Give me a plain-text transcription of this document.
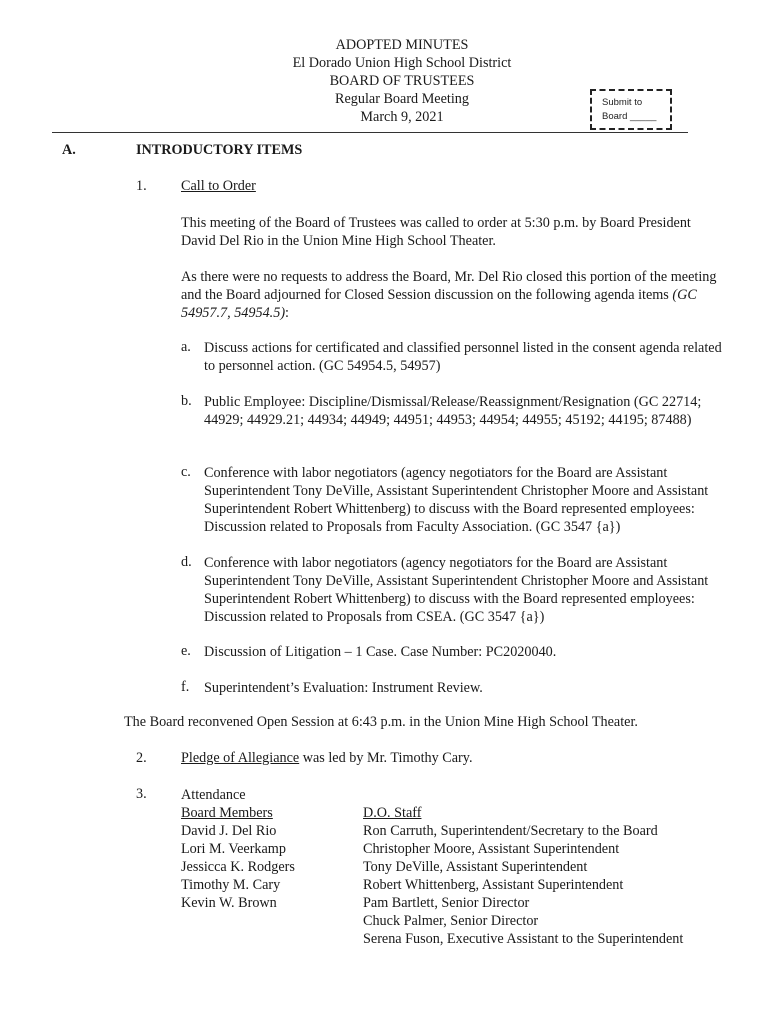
ADOPTED MINUTES
El Dorado Union High School District
BOARD OF TRUSTEES
Regular Board Meeting
March 9, 2021
Submit to
Board _____
A.	INTRODUCTORY ITEMS
1. Call to Order
This meeting of the Board of Trustees was called to order at 5:30 p.m. by Board President David Del Rio in the Union Mine High School Theater.
As there were no requests to address the Board, Mr. Del Rio closed this portion of the meeting and the Board adjourned for Closed Session discussion on the following agenda items (GC 54957.7, 54954.5):
a. Discuss actions for certificated and classified personnel listed in the consent agenda related to personnel action. (GC 54954.5, 54957)
b. Public Employee: Discipline/Dismissal/Release/Reassignment/Resignation (GC 22714; 44929; 44929.21; 44934; 44949; 44951; 44953; 44954; 44955; 45192; 44195; 87488)
c. Conference with labor negotiators (agency negotiators for the Board are Assistant Superintendent Tony DeVille, Assistant Superintendent Christopher Moore and Assistant Superintendent Robert Whittenberg) to discuss with the Board represented employees: Discussion related to Proposals from Faculty Association. (GC 3547 {a})
d. Conference with labor negotiators (agency negotiators for the Board are Assistant Superintendent Tony DeVille, Assistant Superintendent Christopher Moore and Assistant Superintendent Robert Whittenberg) to discuss with the Board represented employees: Discussion related to Proposals from CSEA. (GC 3547 {a})
e. Discussion of Litigation – 1 Case. Case Number: PC2020040.
f. Superintendent’s Evaluation: Instrument Review.
The Board reconvened Open Session at 6:43 p.m. in the Union Mine High School Theater.
2. Pledge of Allegiance was led by Mr. Timothy Cary.
3. Attendance
Board Members
David J. Del Rio
Lori M. Veerkamp
Jessicca K. Rodgers
Timothy M. Cary
Kevin W. Brown
D.O. Staff
Ron Carruth, Superintendent/Secretary to the Board
Christopher Moore, Assistant Superintendent
Tony DeVille, Assistant Superintendent
Robert Whittenberg, Assistant Superintendent
Pam Bartlett, Senior Director
Chuck Palmer, Senior Director
Serena Fuson, Executive Assistant to the Superintendent
